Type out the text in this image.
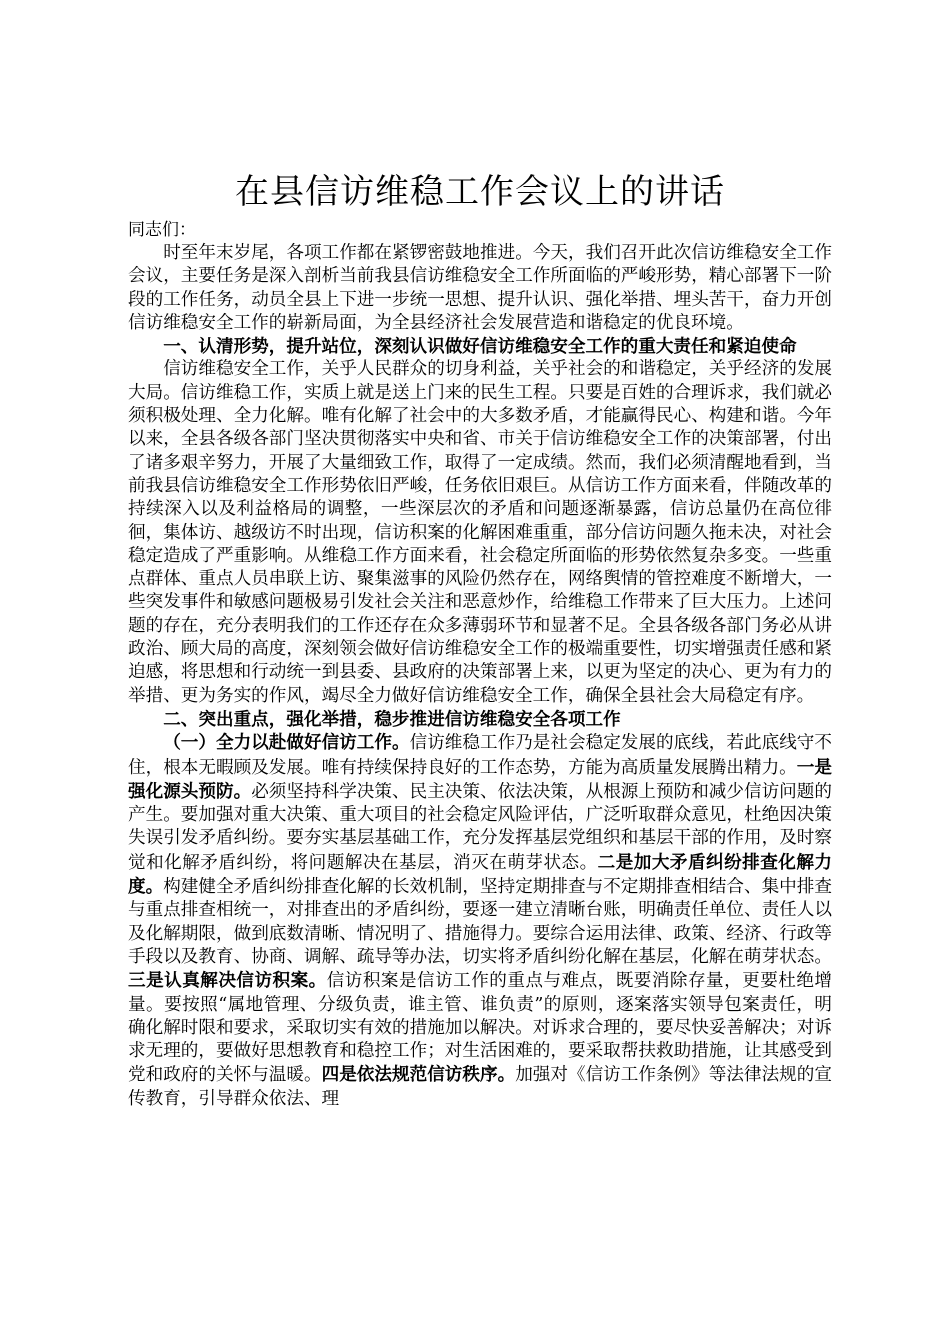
在县信访维稳工作会议上的讲话

同志们：

时至年末岁尾，各项工作都在紧锣密鼓地推进。今天，我们召开此次信访维稳安全工作会议，主要任务是深入剖析当前我县信访维稳安全工作所面临的严峻形势，精心部署下一阶段的工作任务，动员全县上下进一步统一思想、提升认识、强化举措、埋头苦干，奋力开创信访维稳安全工作的崭新局面，为全县经济社会发展营造和谐稳定的优良环境。

一、认清形势，提升站位，深刻认识做好信访维稳安全工作的重大责任和紧迫使命

信访维稳安全工作，关乎人民群众的切身利益，关乎社会的和谐稳定，关乎经济的发展大局。信访维稳工作，实质上就是送上门来的民生工程。只要是百姓的合理诉求，我们就必须积极处理、全力化解。唯有化解了社会中的大多数矛盾，才能赢得民心、构建和谐。今年以来，全县各级各部门坚决贯彻落实中央和省、市关于信访维稳安全工作的决策部署，付出了诸多艰辛努力，开展了大量细致工作，取得了一定成绩。然而，我们必须清醒地看到，当前我县信访维稳安全工作形势依旧严峻，任务依旧艰巨。从信访工作方面来看，伴随改革的持续深入以及利益格局的调整，一些深层次的矛盾和问题逐渐暴露，信访总量仍在高位徘徊，集体访、越级访不时出现，信访积案的化解困难重重，部分信访问题久拖未决，对社会稳定造成了严重影响。从维稳工作方面来看，社会稳定所面临的形势依然复杂多变。一些重点群体、重点人员串联上访、聚集滋事的风险仍然存在，网络舆情的管控难度不断增大，一些突发事件和敏感问题极易引发社会关注和恶意炒作，给维稳工作带来了巨大压力。上述问题的存在，充分表明我们的工作还存在众多薄弱环节和显著不足。全县各级各部门务必从讲政治、顾大局的高度，深刻领会做好信访维稳安全工作的极端重要性，切实增强责任感和紧迫感，将思想和行动统一到县委、县政府的决策部署上来，以更为坚定的决心、更为有力的举措、更为务实的作风，竭尽全力做好信访维稳安全工作，确保全县社会大局稳定有序。

二、突出重点，强化举措，稳步推进信访维稳安全各项工作

（一）全力以赴做好信访工作。信访维稳工作乃是社会稳定发展的底线，若此底线守不住，根本无暇顾及发展。唯有持续保持良好的工作态势，方能为高质量发展腾出精力。一是强化源头预防。必须坚持科学决策、民主决策、依法决策，从根源上预防和减少信访问题的产生。要加强对重大决策、重大项目的社会稳定风险评估，广泛听取群众意见，杜绝因决策失误引发矛盾纠纷。要夯实基层基础工作，充分发挥基层党组织和基层干部的作用，及时察觉和化解矛盾纠纷，将问题解决在基层，消灭在萌芽状态。二是加大矛盾纠纷排查化解力度。构建健全矛盾纠纷排查化解的长效机制，坚持定期排查与不定期排查相结合、集中排查与重点排查相统一，对排查出的矛盾纠纷，要逐一建立清晰台账，明确责任单位、责任人以及化解期限，做到底数清晰、情况明了、措施得力。要综合运用法律、政策、经济、行政等手段以及教育、协商、调解、疏导等办法，切实将矛盾纠纷化解在基层，化解在萌芽状态。三是认真解决信访积案。信访积案是信访工作的重点与难点，既要消除存量，更要杜绝增量。要按照“属地管理、分级负责，谁主管、谁负责”的原则，逐案落实领导包案责任，明确化解时限和要求，采取切实有效的措施加以解决。对诉求合理的，要尽快妥善解决；对诉求无理的，要做好思想教育和稳控工作；对生活困难的，要采取帮扶救助措施，让其感受到党和政府的关怀与温暖。四是依法规范信访秩序。加强对《信访工作条例》等法律法规的宣传教育，引导群众依法、理
